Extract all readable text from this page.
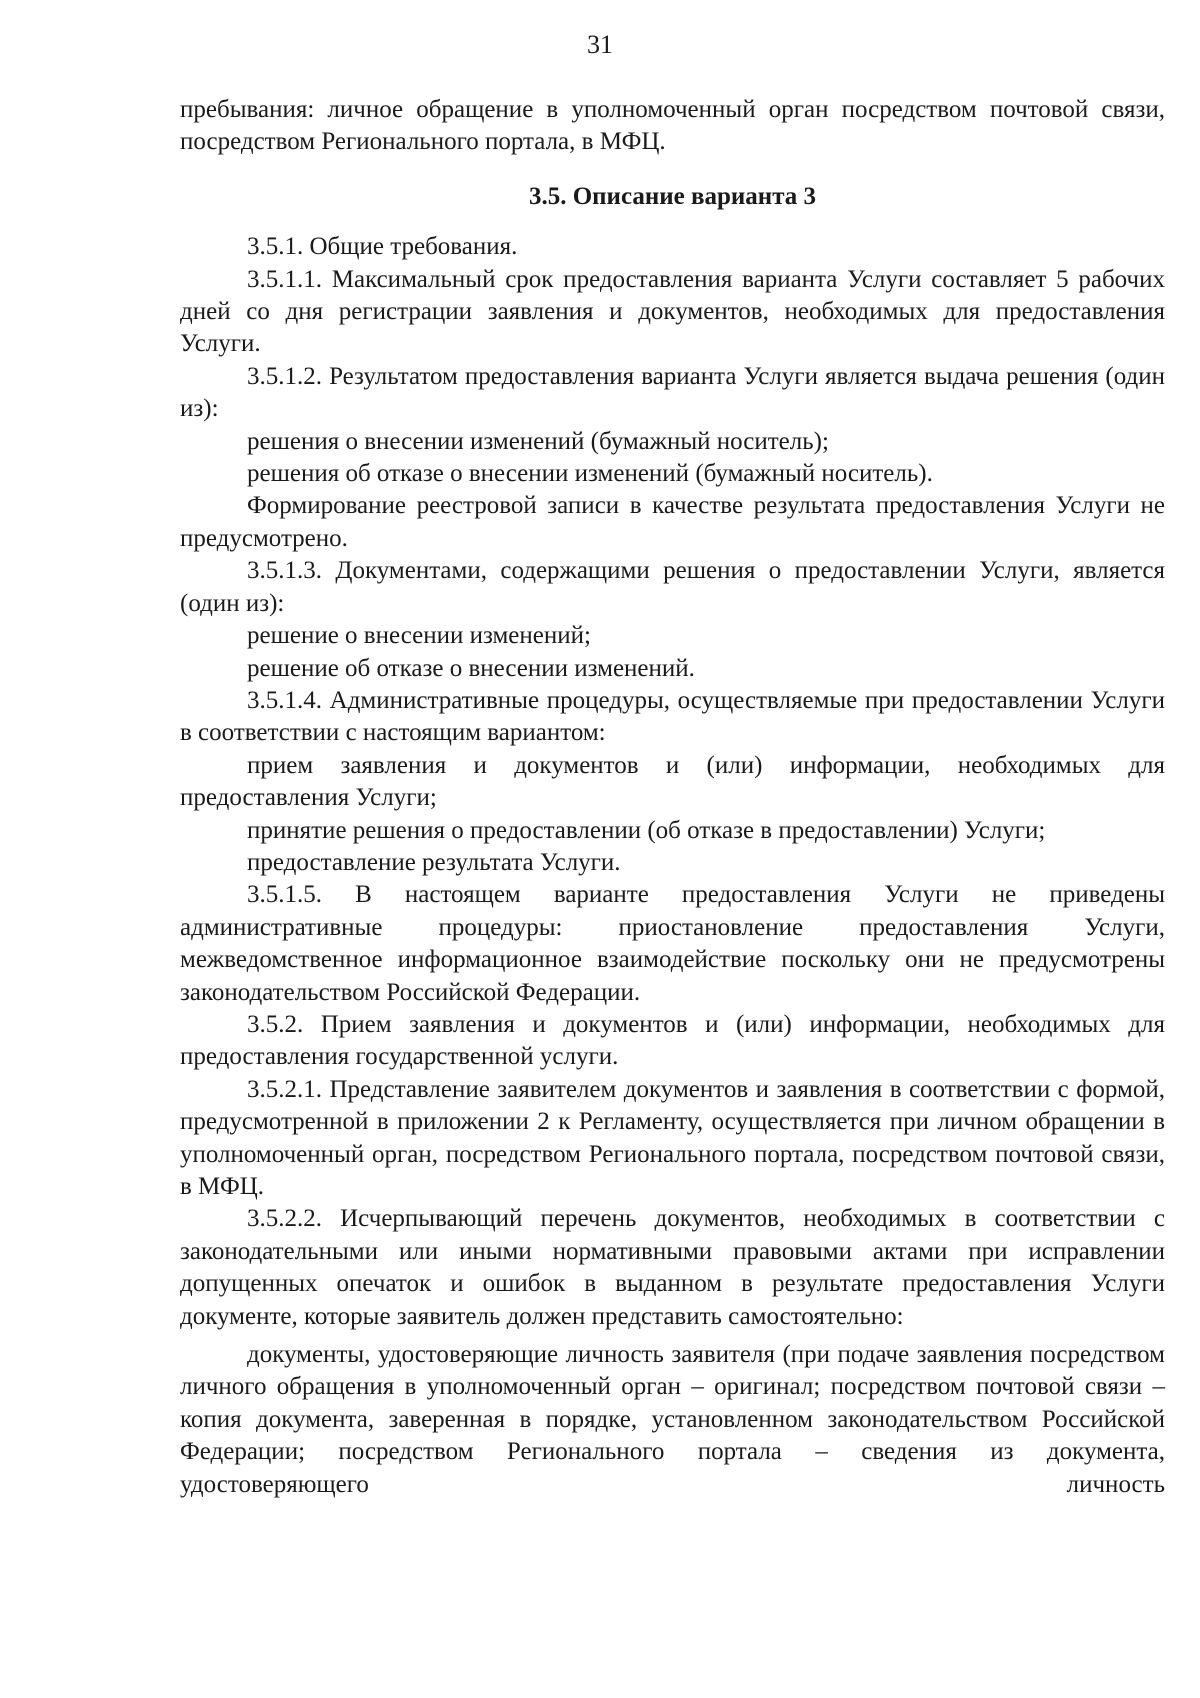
31

пребывания: личное обращение в уполномоченный орган посредством почтовой связи, посредством Регионального портала, в МФЦ.

3.5. Описание варианта 3

3.5.1. Общие требования.

3.5.1.1. Максимальный срок предоставления варианта Услуги составляет 5 рабочих дней со дня регистрации заявления и документов, необходимых для предоставления Услуги.

3.5.1.2. Результатом предоставления варианта Услуги является выдача решения (один из):

решения о внесении изменений (бумажный носитель);

решения об отказе о внесении изменений (бумажный носитель).

Формирование реестровой записи в качестве результата предоставления Услуги не предусмотрено.

3.5.1.3. Документами, содержащими решения о предоставлении Услуги, является (один из):

решение о внесении изменений;

решение об отказе о внесении изменений.

3.5.1.4. Административные процедуры, осуществляемые при предоставлении Услуги в соответствии с настоящим вариантом:

прием заявления и документов и (или) информации, необходимых для предоставления Услуги;

принятие решения о предоставлении (об отказе в предоставлении) Услуги;

предоставление результата Услуги.

3.5.1.5. В настоящем варианте предоставления Услуги не приведены административные процедуры: приостановление предоставления Услуги, межведомственное информационное взаимодействие поскольку они не предусмотрены законодательством Российской Федерации.

3.5.2. Прием заявления и документов и (или) информации, необходимых для предоставления государственной услуги.

3.5.2.1. Представление заявителем документов и заявления в соответствии с формой, предусмотренной в приложении 2 к Регламенту, осуществляется при личном обращении в уполномоченный орган, посредством Регионального портала, посредством почтовой связи, в МФЦ.

3.5.2.2. Исчерпывающий перечень документов, необходимых в соответствии с законодательными или иными нормативными правовыми актами при исправлении допущенных опечаток и ошибок в выданном в результате предоставления Услуги документе, которые заявитель должен представить самостоятельно:

документы, удостоверяющие личность заявителя (при подаче заявления посредством личного обращения в уполномоченный орган – оригинал; посредством почтовой связи – копия документа, заверенная в порядке, установленном законодательством Российской Федерации; посредством Регионального портала – сведения из документа, удостоверяющего личность
